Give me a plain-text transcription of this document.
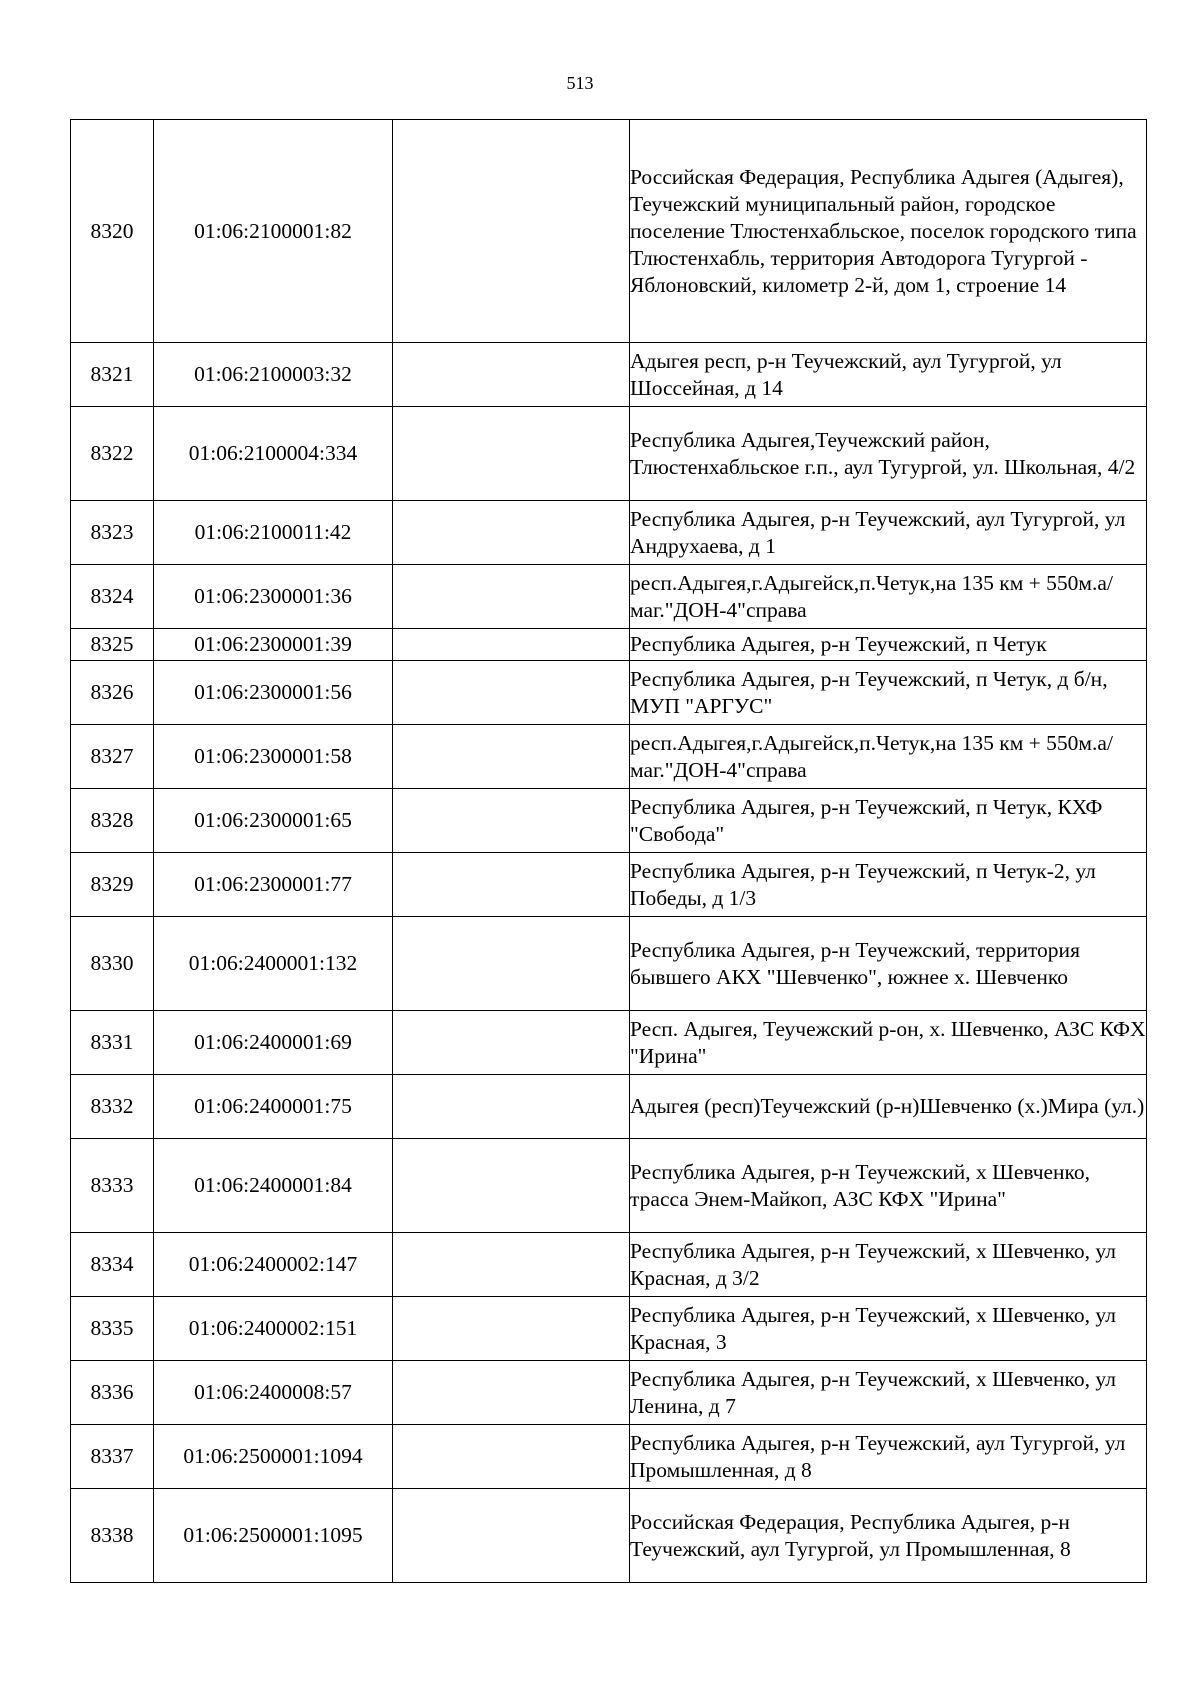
513
8320	01:06:2100001:82		Российская Федерация, Республика Адыгея (Адыгея), Теучежский муниципальный район, городское поселение Тлюстенхабльское, поселок городского типа Тлюстенхабль, территория Автодорога Тугургой - Яблоновский, километр 2-й, дом 1, строение 14
8321	01:06:2100003:32		Адыгея респ, р-н Теучежский, аул Тугургой, ул Шоссейная, д 14
8322	01:06:2100004:334		Республика Адыгея,Теучежский район, Тлюстенхабльское г.п., аул Тугургой, ул. Школьная, 4/2
8323	01:06:2100011:42		Республика Адыгея, р-н Теучежский, аул Тугургой, ул Андрухаева, д 1
8324	01:06:2300001:36		респ.Адыгея,г.Адыгейск,п.Четук,на 135 км + 550м.а/маг."ДОН-4"справа
8325	01:06:2300001:39		Республика Адыгея, р-н Теучежский, п Четук
8326	01:06:2300001:56		Республика Адыгея, р-н Теучежский, п Четук, д б/н, МУП "АРГУС"
8327	01:06:2300001:58		респ.Адыгея,г.Адыгейск,п.Четук,на 135 км + 550м.а/маг."ДОН-4"справа
8328	01:06:2300001:65		Республика Адыгея, р-н Теучежский, п Четук, КХФ "Свобода"
8329	01:06:2300001:77		Республика Адыгея, р-н Теучежский, п Четук-2, ул Победы, д 1/3
8330	01:06:2400001:132		Республика Адыгея, р-н Теучежский, территория бывшего АКХ "Шевченко", южнее х. Шевченко
8331	01:06:2400001:69		Респ. Адыгея, Теучежский р-он, х. Шевченко, АЗС КФХ "Ирина"
8332	01:06:2400001:75		Адыгея (респ)Теучежский (р-н)Шевченко (х.)Мира (ул.)
8333	01:06:2400001:84		Республика Адыгея, р-н Теучежский, х Шевченко, трасса Энем-Майкоп, АЗС КФХ "Ирина"
8334	01:06:2400002:147		Республика Адыгея, р-н Теучежский, х Шевченко, ул Красная, д 3/2
8335	01:06:2400002:151		Республика Адыгея, р-н Теучежский, х Шевченко, ул Красная, 3
8336	01:06:2400008:57		Республика Адыгея, р-н Теучежский, х Шевченко, ул Ленина, д 7
8337	01:06:2500001:1094		Республика Адыгея, р-н Теучежский, аул Тугургой, ул Промышленная, д 8
8338	01:06:2500001:1095		Российская Федерация, Республика Адыгея, р-н Теучежский, аул Тугургой, ул Промышленная, 8
